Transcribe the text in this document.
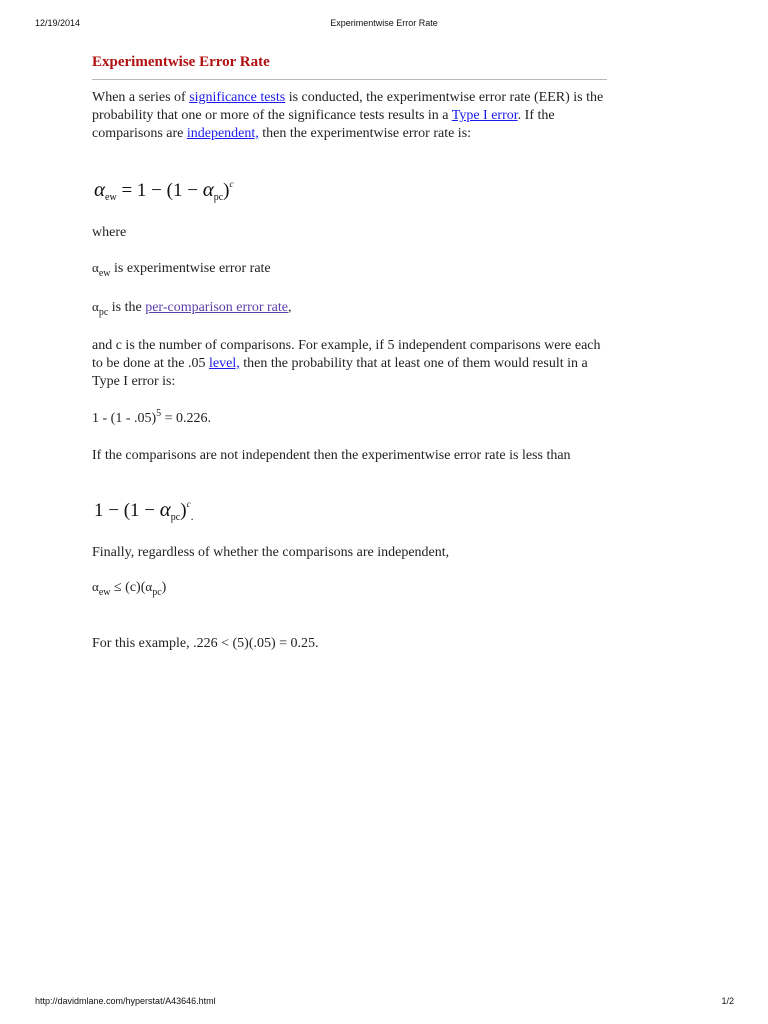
Experimentwise Error Rate
12/19/2014
Experimentwise Error Rate

When a series of significance tests is conducted, the experimentwise error rate (EER) is the probability that one or more of the significance tests results in a Type I error. If the comparisons are independent, then the experimentwise error rate is:

$\alpha_{ew} = 1 - (1 - \alpha_{pc})^c$

where

$\alpha_{ew}$ is experimentwise error rate

$\alpha_{pc}$ is the per-comparison error rate,

and c is the number of comparisons. For example, if 5 independent comparisons were each to be done at the .05 level, then the probability that at least one of them would result in a Type I error is:

1 - (1 - .05)$^5$ = 0.226.

If the comparisons are not independent then the experimentwise error rate is less than

$1 - (1 - \alpha_{pc})^c_.$

Finally, regardless of whether the comparisons are independent,

$\alpha_{ew} \le (c)(\alpha_{pc})$

For this example, .226 < (5)(.05) = 0.25.

http://davidmlane.com/hyperstat/A43646.html	1/2
